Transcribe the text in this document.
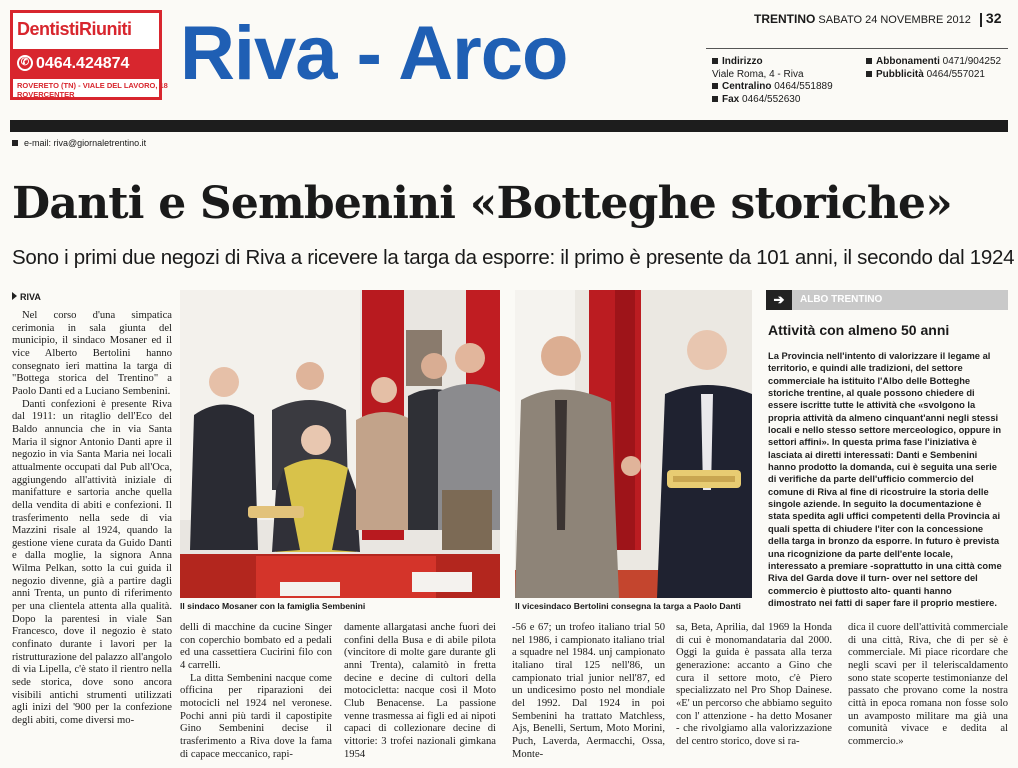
DentistiRiuniti
✆ 0464.424874
ROVERETO (TN) - VIALE DEL LAVORO, 18
ROVERCENTER	Riva - Arco	TRENTINO SABATO 24 NOVEMBRE 2012 32
Indirizzo
Viale Roma, 4 - Riva
Centralino 0464/551889
Fax 0464/552630
Abbonamenti 0471/904252
Pubblicità 0464/557021
e-mail: riva@giornaletrentino.it
Danti e Sembenini «Botteghe storiche»
Sono i primi due negozi di Riva a ricevere la targa da esporre: il primo è presente da 101 anni, il secondo dal 1924
RIVA

Nel corso d'una simpatica cerimonia in sala giunta del municipio, il sindaco Mosaner ed il vice Alberto Bertolini hanno consegnato ieri mattina la targa di "Bottega storica del Trentino" a Paolo Danti ed a Luciano Sembenini.

Danti confezioni è presente Riva dal 1911: un ritaglio dell'Eco del Baldo annuncia che in via Santa Maria il signor Antonio Danti apre il negozio in via Santa Maria nei locali attualmente occupati dal Pub all'Oca, aggiungendo all'attività iniziale di manifatture e sartoria anche quella della vendita di abiti e confezioni. Il trasferimento nella sede di via Mazzini risale al 1924, quando la gestione viene curata da Guido Danti e dalla moglie, la signora Anna Wilma Pelkan, sotto la cui guida il negozio divenne, già a partire dagli anni Trenta, un punto di riferimento per una clientela attenta alla qualità. Dopo la parentesi in viale San Francesco, dove il negozio è stato confinato durante i lavori per la ristrutturazione del palazzo all'angolo di via Lipella, c'è stato il rientro nella sede storica, dove sono ancora visibili antichi strumenti utilizzati agli inizi del '900 per la confezione degli abiti, come diversi mo-

Il sindaco Mosaner con la famiglia Sembenini	Il vicesindaco Bertolini consegna la targa a Paolo Danti
➔	ALBO TRENTINO
Attività con almeno 50 anni
La Provincia nell'intento di valorizzare il legame al territorio, e quindi alle tradizioni, del settore commerciale ha istituito l'Albo delle Botteghe storiche trentine, al quale possono chiedere di essere iscritte tutte le attività che «svolgono la propria attività da almeno cinquant'anni negli stessi locali e nello stesso settore merceologico, oppure in settori affini». In questa prima fase l'iniziativa è lasciata ai diretti interessati: Danti e Sembenini hanno prodotto la domanda, cui è seguita una serie di verifiche da parte dell'ufficio commercio del comune di Riva al fine di ricostruire la storia delle singole aziende. In seguito la documentazione è stata spedita agli uffici competenti della Provincia ai quali spetta di chiudere l'iter con la concessione della targa in bronzo da esporre. In futuro è prevista una ricognizione da parte dell'ente locale, interessato a premiare -soprattutto in una città come Riva del Garda dove il turn- over nel settore del commercio è piuttosto alto- quanti hanno dimostrato nei fatti di saper fare il proprio mestiere.

delli di macchine da cucine Singer con coperchio bombato ed a pedali ed una cassettiera Cucirini filo con 4 carrelli.

La ditta Sembenini nacque come officina per riparazioni dei motocicli nel 1924 nel veronese. Pochi anni più tardi il capostipite Gino Sembenini decise il trasferimento a Riva dove la fama di capace meccanico, rapi-

damente allargatasi anche fuori dei confini della Busa e di abile pilota (vincitore di molte gare durante gli anni Trenta), calamitò in fretta decine e decine di cultori della motocicletta: nacque così il Moto Club Benacense. La passione venne trasmessa ai figli ed ai nipoti capaci di collezionare decine di vittorie: 3 trofei nazionali gimkana 1954

-56 e 67; un trofeo italiano trial 50 nel 1986, i campionato italiano trial a squadre nel 1984. unj campionato italiano tiral 125 nell'86, un campionato trial junior nell'87, ed un undicesimo posto nel mondiale del 1992. Dal 1924 in poi Sembenini ha trattato Matchless, Ajs, Benelli, Sertum, Moto Morini, Puch, Laverda, Aermacchi, Ossa, Monte-

sa, Beta, Aprilia, dal 1969 la Honda di cui è monomandataria dal 2000. Oggi la guida è passata alla terza generazione: accanto a Gino che cura il settore moto, c'è Piero specializzato nel Pro Shop Dainese. «E' un percorso che abbiamo seguito con l' attenzione - ha detto Mosaner - che rivolgiamo alla valorizzazione del centro storico, dove si ra-

dica il cuore dell'attività commerciale di una città, Riva, che di per sè è commerciale. Mi piace ricordare che negli scavi per il teleriscaldamento sono state scoperte testimonianze del passato che provano come la nostra città in epoca romana non fosse solo un avamposto militare ma già una comunità vivace e dedita al commercio.»
